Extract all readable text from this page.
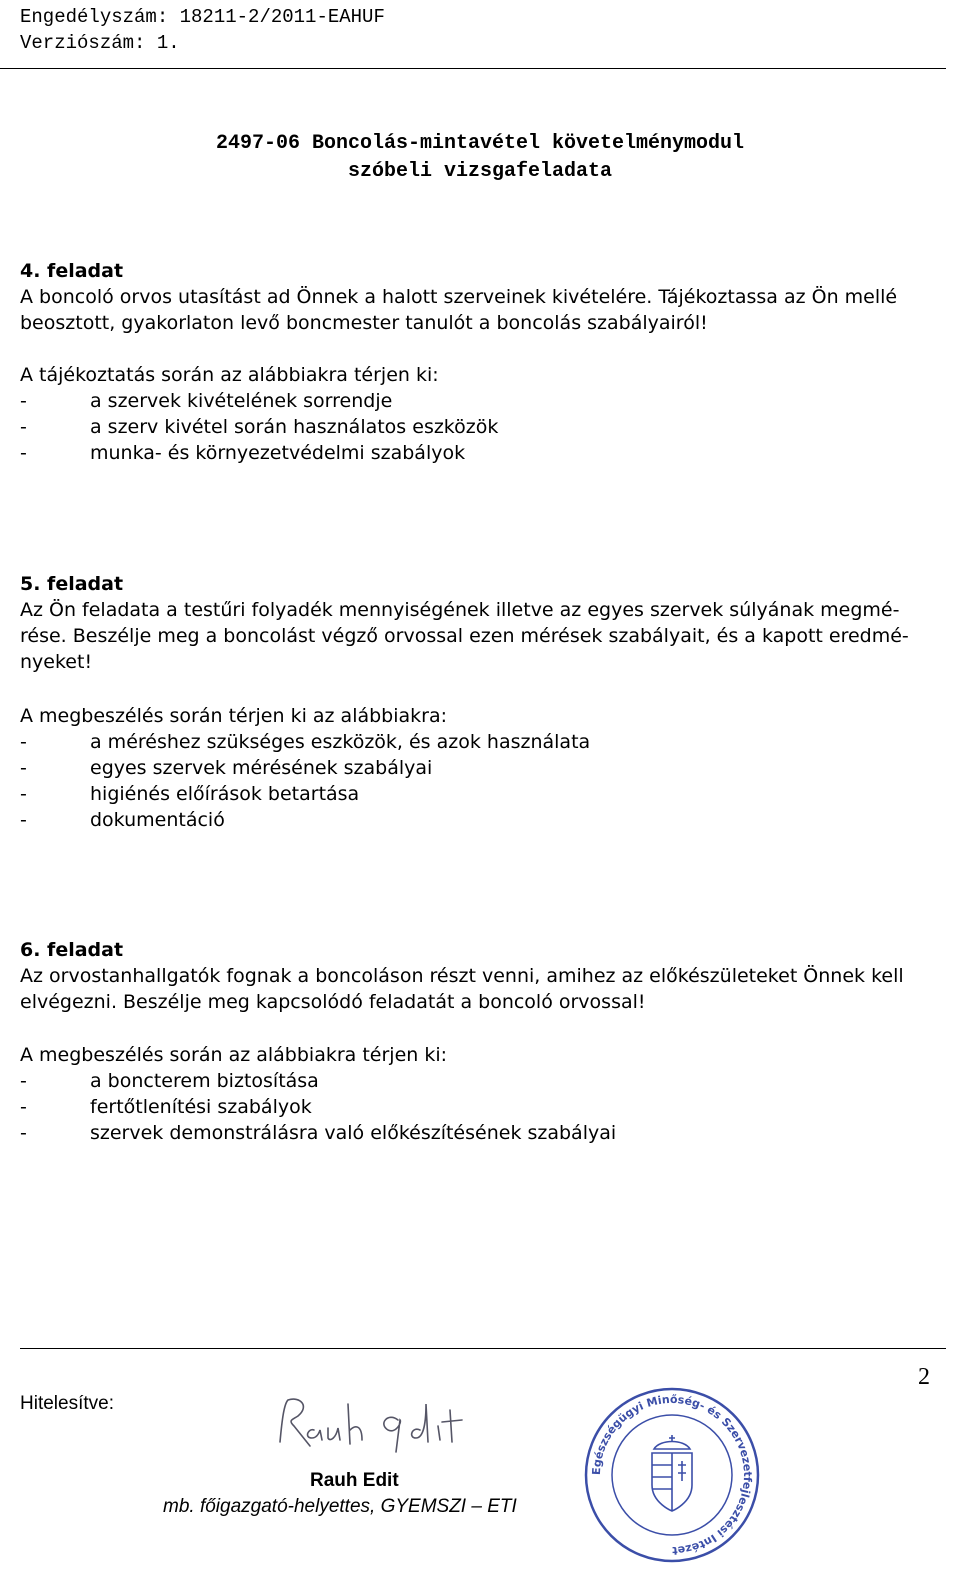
Engedélyszám: 18211-2/2011-EAHUF
Verziószám: 1.
2497-06 Boncolás-mintavétel követelménymodul
szóbeli vizsgafeladata
4. feladat
A boncoló orvos utasítást ad Önnek a halott szerveinek kivételére. Tájékoztassa az Ön mellé
beosztott, gyakorlaton levő boncmester tanulót a boncolás szabályairól!
A tájékoztatás során az alábbiakra térjen ki:
-	a szervek kivételének sorrendje
-	a szerv kivétel során használatos eszközök
-	munka- és környezetvédelmi szabályok
5. feladat
Az Ön feladata a testűri folyadék mennyiségének illetve az egyes szervek súlyának megmé-
rése. Beszélje meg a boncolást végző orvossal ezen mérések szabályait, és a kapott eredmé-
nyeket!
A megbeszélés során térjen ki az alábbiakra:
-	a méréshez szükséges eszközök, és azok használata
-	egyes szervek mérésének szabályai
-	higiénés előírások betartása
-	dokumentáció
6. feladat
Az orvostanhallgatók fognak a boncoláson részt venni, amihez az előkészületeket Önnek kell
elvégezni. Beszélje meg kapcsolódó feladatát a boncoló orvossal!
A megbeszélés során az alábbiakra térjen ki:
-	a boncterem biztosítása
-	fertőtlenítési szabályok
-	szervek demonstrálásra való előkészítésének szabályai
2
Hitelesítve:
Rauh Edit
mb. főigazgató-helyettes, GYEMSZI – ETI
Egészségügyi Minőség- és Szervezetfejlesztési Intézet
